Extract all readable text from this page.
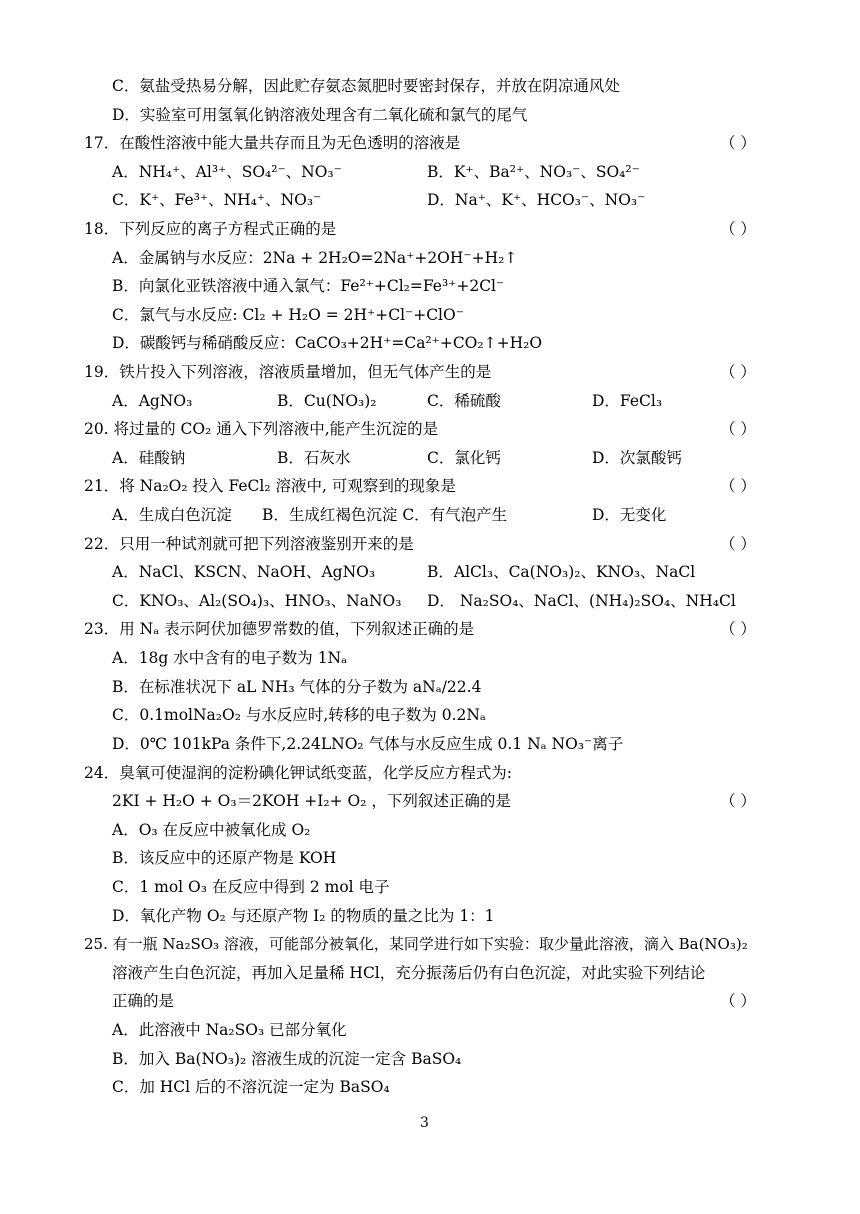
C．氨盐受热易分解，因此贮存氨态氮肥时要密封保存，并放在阴凉通风处
D．实验室可用氢氧化钠溶液处理含有二氧化硫和氯气的尾气
17．在酸性溶液中能大量共存而且为无色透明的溶液是	（ ）
A．NH₄⁺、Al³⁺、SO₄²⁻、NO₃⁻	B．K⁺、Ba²⁺、NO₃⁻、SO₄²⁻
C．K⁺、Fe³⁺、NH₄⁺、NO₃⁻	D．Na⁺、K⁺、HCO₃⁻、NO₃⁻
18．下列反应的离子方程式正确的是	（ ）
A．金属钠与水反应：2Na + 2H₂O=2Na⁺+2OH⁻+H₂↑
B．向氯化亚铁溶液中通入氯气：Fe²⁺+Cl₂=Fe³⁺+2Cl⁻
C．氯气与水反应: Cl₂ + H₂O = 2H⁺+Cl⁻+ClO⁻
D．碳酸钙与稀硝酸反应：CaCO₃+2H⁺=Ca²⁺+CO₂↑+H₂O
19．铁片投入下列溶液，溶液质量增加，但无气体产生的是	（ ）
A．AgNO₃	B．Cu(NO₃)₂	C．稀硫酸	D．FeCl₃
20. 将过量的 CO₂ 通入下列溶液中,能产生沉淀的是	（ ）
A．硅酸钠	B．石灰水	C．氯化钙	D．次氯酸钙
21．将 Na₂O₂ 投入 FeCl₂ 溶液中, 可观察到的现象是	（ ）
A．生成白色沉淀 B．生成红褐色沉淀 C．有气泡产生	D．无变化
22．只用一种试剂就可把下列溶液鉴别开来的是	（ ）
A．NaCl、KSCN、NaOH、AgNO₃	B．AlCl₃、Ca(NO₃)₂、KNO₃、NaCl
C．KNO₃、Al₂(SO₄)₃、HNO₃、NaNO₃ D． Na₂SO₄、NaCl、(NH₄)₂SO₄、NH₄Cl
23．用 Nₐ 表示阿伏加德罗常数的值，下列叙述正确的是	（ ）
A．18g 水中含有的电子数为 1Nₐ
B．在标准状况下 aL NH₃ 气体的分子数为 aNₐ/22.4
C．0.1molNa₂O₂ 与水反应时,转移的电子数为 0.2Nₐ
D．0℃ 101kPa 条件下,2.24LNO₂ 气体与水反应生成 0.1 Nₐ NO₃⁻离子
24．臭氧可使湿润的淀粉碘化钾试纸变蓝，化学反应方程式为:
2KI + H₂O + O₃＝2KOH +I₂+ O₂ ，下列叙述正确的是	（ ）
A．O₃ 在反应中被氧化成 O₂
B．该反应中的还原产物是 KOH
C．1 mol O₃ 在反应中得到 2 mol 电子
D．氧化产物 O₂ 与还原产物 I₂ 的物质的量之比为 1：1
25. 有一瓶 Na₂SO₃ 溶液，可能部分被氧化，某同学进行如下实验：取少量此溶液，滴入 Ba(NO₃)₂
溶液产生白色沉淀，再加入足量稀 HCl，充分振荡后仍有白色沉淀，对此实验下列结论
正确的是	（ ）
A．此溶液中 Na₂SO₃ 已部分氧化
B．加入 Ba(NO₃)₂ 溶液生成的沉淀一定含 BaSO₄
C．加 HCl 后的不溶沉淀一定为 BaSO₄
3
